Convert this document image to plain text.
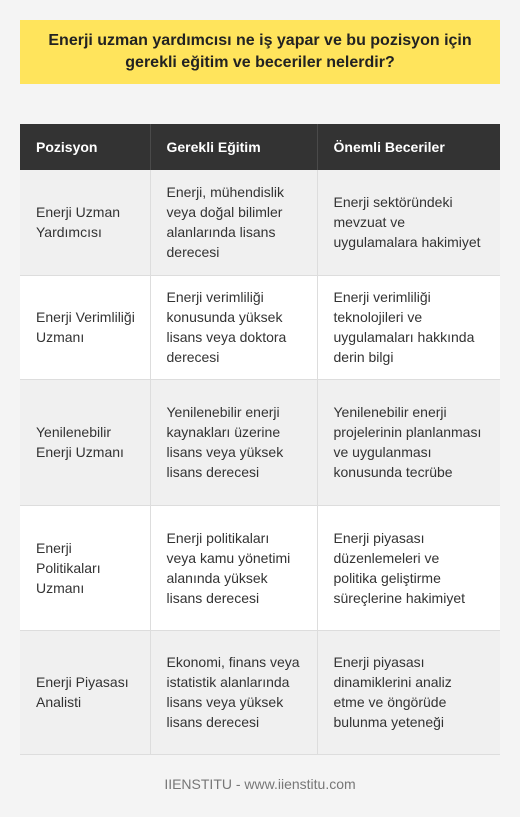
Enerji uzman yardımcısı ne iş yapar ve bu pozisyon için gerekli eğitim ve beceriler nelerdir?
Pozisyon	Gerekli Eğitim	Önemli Beceriler
Enerji Uzman Yardımcısı	Enerji, mühendislik veya doğal bilimler alanlarında lisans derecesi	Enerji sektöründeki mevzuat ve uygulamalara hakimiyet
Enerji Verimliliği Uzmanı	Enerji verimliliği konusunda yüksek lisans veya doktora derecesi	Enerji verimliliği teknolojileri ve uygulamaları hakkında derin bilgi
Yenilenebilir Enerji Uzmanı	Yenilenebilir enerji kaynakları üzerine lisans veya yüksek lisans derecesi	Yenilenebilir enerji projelerinin planlanması ve uygulanması konusunda tecrübe
Enerji Politikaları Uzmanı	Enerji politikaları veya kamu yönetimi alanında yüksek lisans derecesi	Enerji piyasası düzenlemeleri ve politika geliştirme süreçlerine hakimiyet
Enerji Piyasası Analisti	Ekonomi, finans veya istatistik alanlarında lisans veya yüksek lisans derecesi	Enerji piyasası dinamiklerini analiz etme ve öngörüde bulunma yeteneği
IIENSTITU - www.iienstitu.com
